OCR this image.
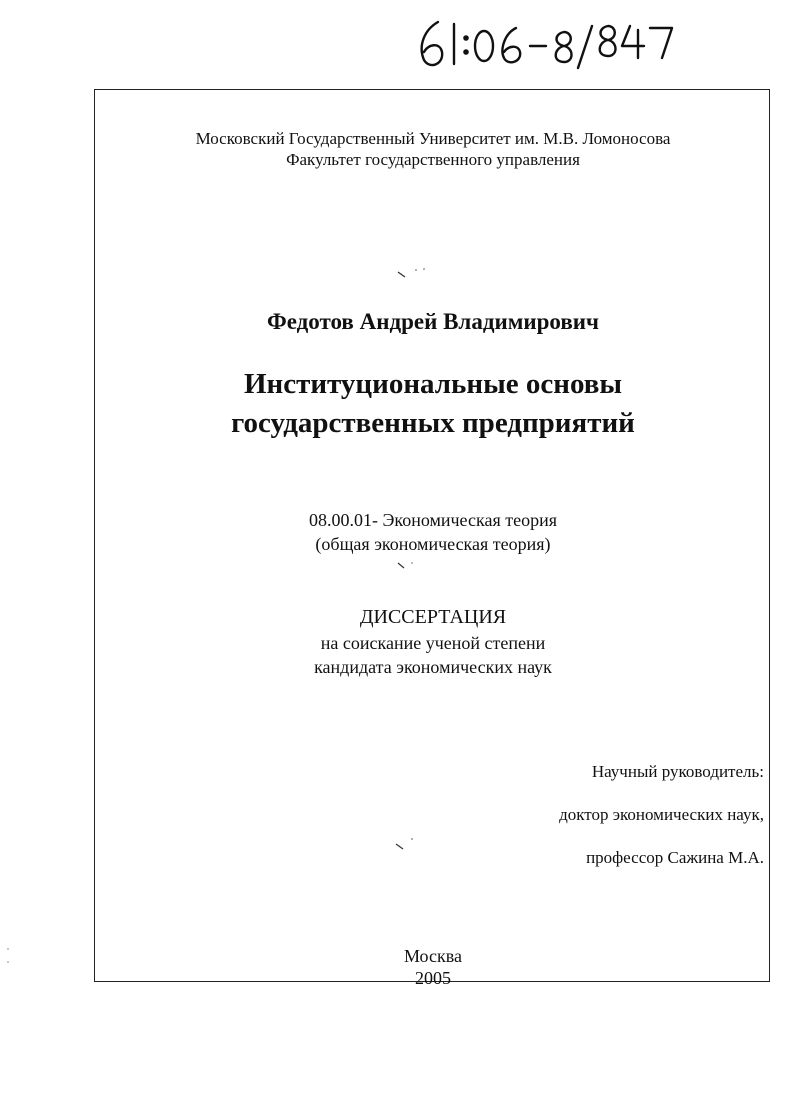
Московский Государственный Университет им. М.В. Ломоносова
Факультет государственного управления
Федотов Андрей Владимирович
Институциональные основы
государственных предприятий
08.00.01- Экономическая теория
(общая экономическая теория)
ДИССЕРТАЦИЯ
на соискание ученой степени
кандидата экономических наук
Научный руководитель:
доктор экономических наук,
профессор Сажина М.А.
Москва
2005
